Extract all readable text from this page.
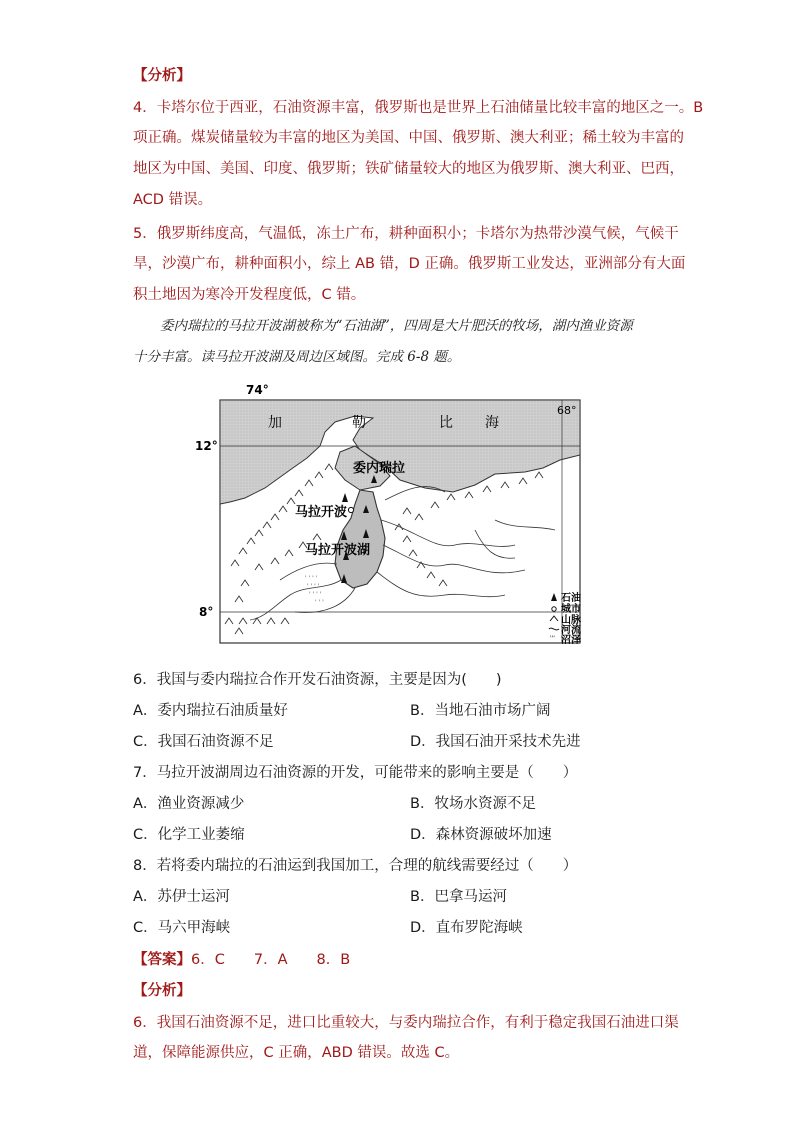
【分析】
4．卡塔尔位于西亚，石油资源丰富，俄罗斯也是世界上石油储量比较丰富的地区之一。B
项正确。煤炭储量较为丰富的地区为美国、中国、俄罗斯、澳大利亚；稀土较为丰富的
地区为中国、美国、印度、俄罗斯；铁矿储量较大的地区为俄罗斯、澳大利亚、巴西，
ACD 错误。
5．俄罗斯纬度高，气温低，冻土广布，耕种面积小；卡塔尔为热带沙漠气候，气候干
旱，沙漠广布，耕种面积小，综上 AB 错，D 正确。俄罗斯工业发达，亚洲部分有大面
积土地因为寒冷开发程度低，C 错。
委内瑞拉的马拉开波湖被称为“石油湖”，四周是大片肥沃的牧场，湖内渔业资源
十分丰富。读马拉开波湖及周边区域图。完成 6-8 题。
' ' ' '
' ' ' '
' ' ' '
' ' '
74°
68°
12°
8°
加	勒	比 海
委内瑞拉
马拉开波
马拉开波湖
'''
石油
城市
山脉
河流
沼泽
6．我国与委内瑞拉合作开发石油资源，主要是因为(　　)
A．委内瑞拉石油质量好	B．当地石油市场广阔
C．我国石油资源不足	D．我国石油开采技术先进
7．马拉开波湖周边石油资源的开发，可能带来的影响主要是（　　）
A．渔业资源减少	B．牧场水资源不足
C．化学工业萎缩	D．森林资源破坏加速
8．若将委内瑞拉的石油运到我国加工，合理的航线需要经过（　　）
A．苏伊士运河	B．巴拿马运河
C．马六甲海峡	D．直布罗陀海峡
【答案】6．C　　7．A　　8．B
【分析】
6．我国石油资源不足，进口比重较大，与委内瑞拉合作，有利于稳定我国石油进口渠
道，保障能源供应，C 正确，ABD 错误。故选 C。
